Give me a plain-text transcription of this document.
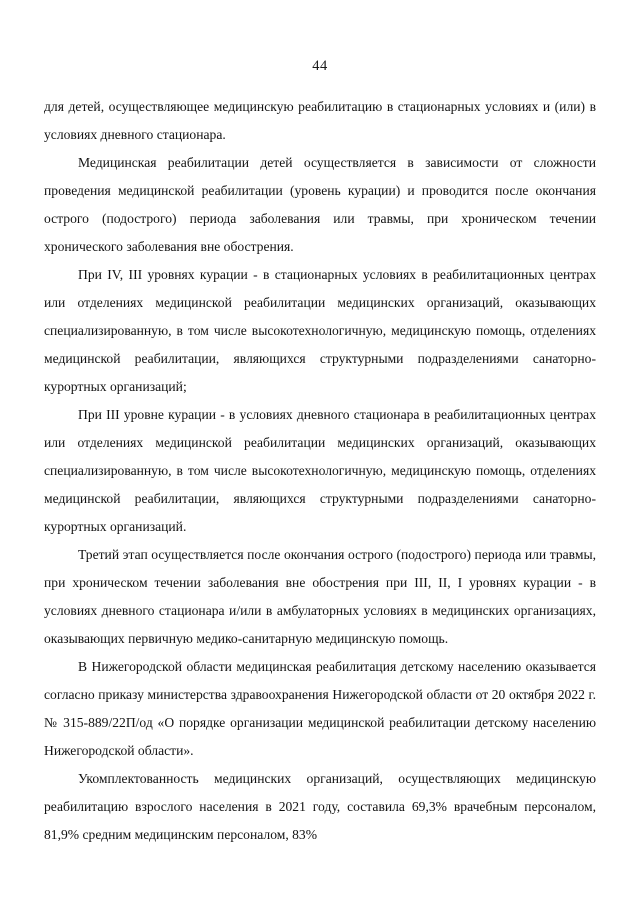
44

для детей, осуществляющее медицинскую реабилитацию в стационарных условиях и (или) в условиях дневного стационара.

Медицинская реабилитации детей осуществляется в зависимости от сложности проведения медицинской реабилитации (уровень курации) и проводится после окончания острого (подострого) периода заболевания или травмы, при хроническом течении хронического заболевания вне обострения.

При IV, III уровнях курации - в стационарных условиях в реабилитационных центрах или отделениях медицинской реабилитации медицинских организаций, оказывающих специализированную, в том числе высокотехнологичную, медицинскую помощь, отделениях медицинской реабилитации, являющихся структурными подразделениями санаторно-курортных организаций;

При III уровне курации - в условиях дневного стационара в реабилитационных центрах или отделениях медицинской реабилитации медицинских организаций, оказывающих специализированную, в том числе высокотехнологичную, медицинскую помощь, отделениях медицинской реабилитации, являющихся структурными подразделениями санаторно-курортных организаций.

Третий этап осуществляется после окончания острого (подострого) периода или травмы, при хроническом течении заболевания вне обострения при III, II, I уровнях курации - в условиях дневного стационара и/или в амбулаторных условиях в медицинских организациях, оказывающих первичную медико-санитарную медицинскую помощь.

В Нижегородской области медицинская реабилитация детскому населению оказывается согласно приказу министерства здравоохранения Нижегородской области от 20 октября 2022 г. № 315-889/22П/од «О порядке организации медицинской реабилитации детскому населению Нижегородской области».

Укомплектованность медицинских организаций, осуществляющих медицинскую реабилитацию взрослого населения в 2021 году, составила 69,3% врачебным персоналом, 81,9% средним медицинским персоналом, 83%
